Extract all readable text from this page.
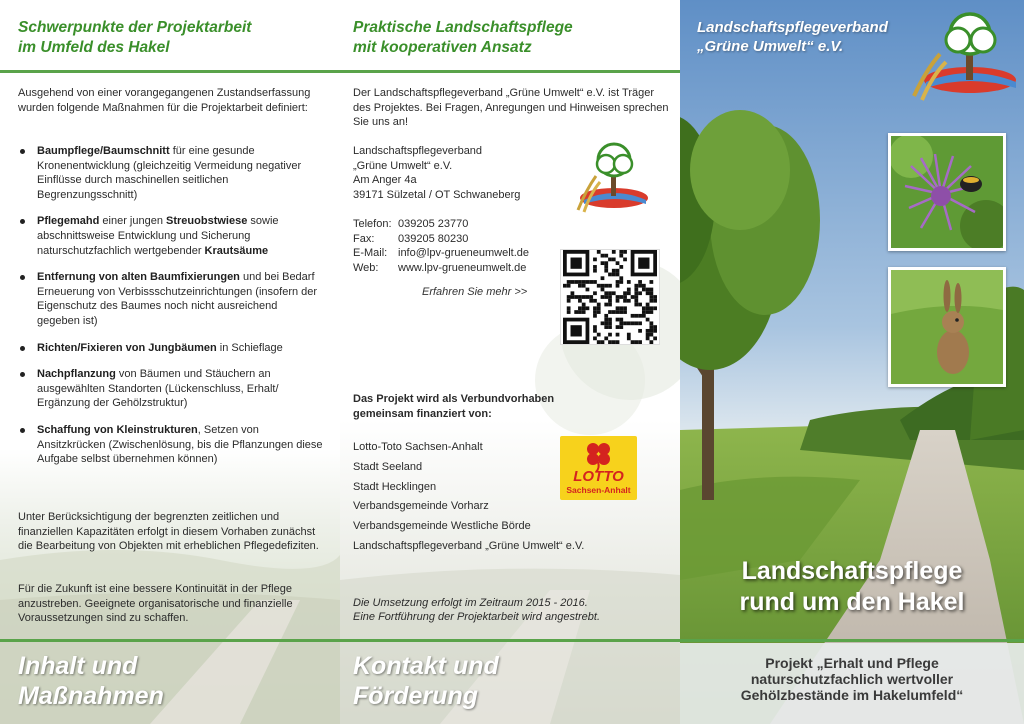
Schwerpunkte der Projektarbeit
im Umfeld des Hakel
Ausgehend von einer vorangegangenen Zustandserfassung wurden folgende Maßnahmen für die Projektarbeit definiert:
Baumpflege/Baumschnitt für eine gesunde Kronenentwicklung (gleichzeitig Vermeidung negativer Einflüsse durch maschinellen seitlichen Begrenzungsschnitt)
Pflegemahd einer jungen Streuobstwiese sowie abschnittsweise Entwicklung und Sicherung naturschutzfachlich wertgebender Krautsäume
Entfernung von alten Baumfixierungen und bei Bedarf Erneuerung von Verbissschutzeinrichtungen (insofern der Eigenschutz des Baumes noch nicht ausreichend gegeben ist)
Richten/Fixieren von Jungbäumen in Schieflage
Nachpflanzung von Bäumen und Stäuchern an ausgewählten Standorten (Lückenschluss, Erhalt/ Ergänzung der Gehölzstruktur)
Schaffung von Kleinstrukturen, Setzen von Ansitzkrücken (Zwischenlösung, bis die Pflanzungen diese Aufgabe selbst übernehmen können)
Unter Berücksichtigung der begrenzten zeitlichen und finanziellen Kapazitäten erfolgt in diesem Vorhaben zunächst die Bearbeitung von Objekten mit erheblichen Pflegedefiziten.
Für die Zukunft ist eine bessere Kontinuität in der Pflege anzustreben. Geeignete organisatorische und finanzielle Voraussetzungen sind zu schaffen.
Inhalt und
Maßnahmen
Praktische Landschaftspflege
mit kooperativen Ansatz
Der Landschaftspflegeverband „Grüne Umwelt“ e.V. ist Träger des Projektes. Bei Fragen, Anregungen und Hinweisen sprechen Sie uns an!
Landschaftspflegeverband
„Grüne Umwelt“ e.V.
Am Anger 4a
39171 Sülzetal / OT Schwaneberg
Telefon: 039205 23770
Fax:	039205 80230
E-Mail: info@lpv-grueneumwelt.de
Web:	www.lpv-grueneumwelt.de
Erfahren Sie mehr >>
Das Projekt wird als Verbundvorhaben
gemeinsam finanziert von:
Lotto-Toto Sachsen-Anhalt
Stadt Seeland
Stadt Hecklingen
Verbandsgemeinde Vorharz
Verbandsgemeinde Westliche Börde
Landschaftspflegeverband „Grüne Umwelt“ e.V.
LOTTO
Sachsen-Anhalt
Die Umsetzung erfolgt im Zeitraum 2015 - 2016.
Eine Fortführung der Projektarbeit wird angestrebt.
Kontakt und
Förderung
Landschaftspflegeverband
„Grüne Umwelt“ e.V.
Landschaftspflege
rund um den Hakel
Projekt „Erhalt und Pflege
naturschutzfachlich wertvoller
Gehölzbestände im Hakelumfeld“
